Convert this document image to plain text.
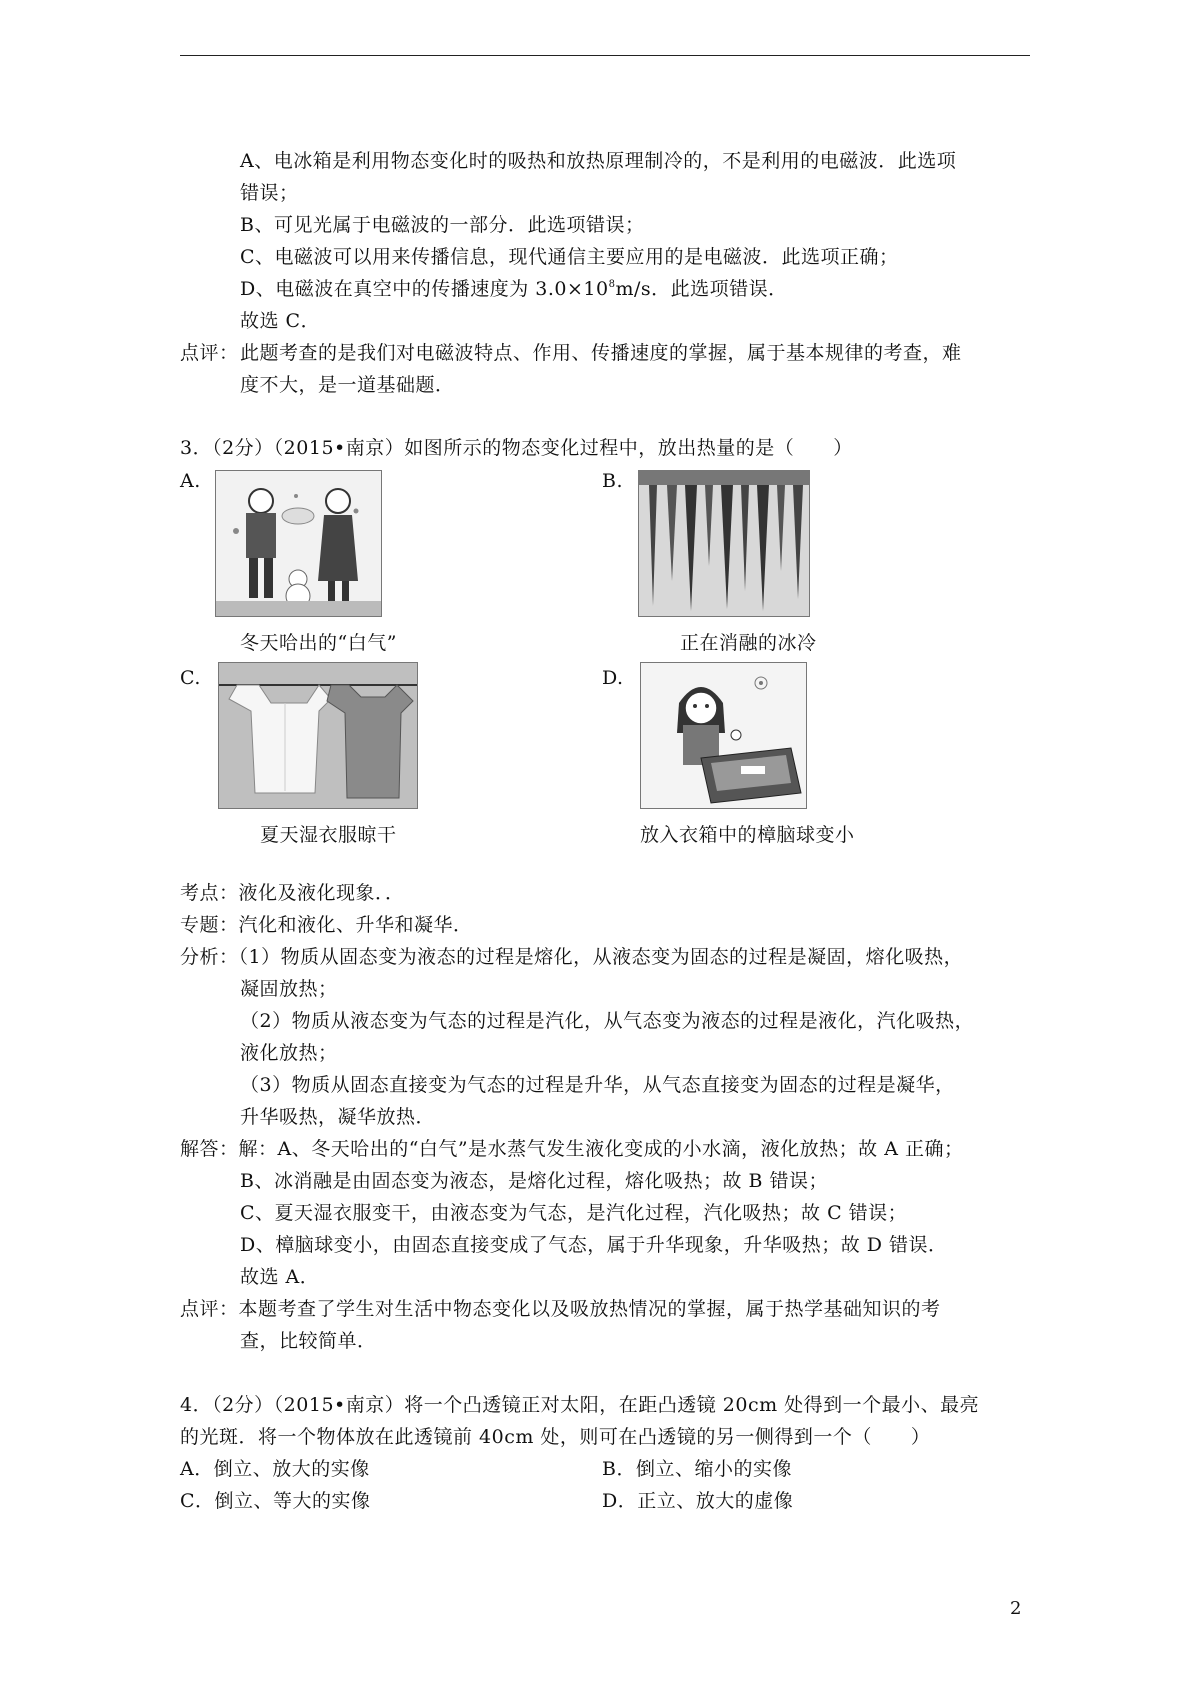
A、电冰箱是利用物态变化时的吸热和放热原理制冷的，不是利用的电磁波．此选项
错误；
B、可见光属于电磁波的一部分．此选项错误；
C、电磁波可以用来传播信息，现代通信主要应用的是电磁波．此选项正确；
D、电磁波在真空中的传播速度为 $3.0\times 10^8m/s$．此选项错误．
故选 C．
点评： 此题考查的是我们对电磁波特点、作用、传播速度的掌握，属于基本规律的考查，难
度不大，是一道基础题．
3．（2分）（2015•南京）如图所示的物态变化过程中，放出热量的是（　　）
A.
冬天哈出的“白气”
B.
正在消融的冰冷
C.
夏天湿衣服晾干
D.
放入衣箱中的樟脑球变小
考点：液化及液化现象．．
专题：汽化和液化、升华和凝华．
分析：（1）物质从固态变为液态的过程是熔化，从液态变为固态的过程是凝固，熔化吸热，
凝固放热；
（2）物质从液态变为气态的过程是汽化，从气态变为液态的过程是液化，汽化吸热，
液化放热；
（3）物质从固态直接变为气态的过程是升华，从气态直接变为固态的过程是凝华，
升华吸热，凝华放热．
解答：解：A、冬天哈出的“白气”是水蒸气发生液化变成的小水滴，液化放热；故 A 正确；
B、冰消融是由固态变为液态，是熔化过程，熔化吸热；故 B 错误；
C、夏天湿衣服变干，由液态变为气态，是汽化过程，汽化吸热；故 C 错误；
D、樟脑球变小，由固态直接变成了气态，属于升华现象，升华吸热；故 D 错误．
故选 A．
点评：本题考查了学生对生活中物态变化以及吸放热情况的掌握，属于热学基础知识的考
查，比较简单．
4．（2分）（2015•南京）将一个凸透镜正对太阳，在距凸透镜 20cm 处得到一个最小、最亮
的光斑．将一个物体放在此透镜前 40cm 处，则可在凸透镜的另一侧得到一个（　　）
A．倒立、放大的实像	B．倒立、缩小的实像
C．倒立、等大的实像	D．正立、放大的虚像
2
